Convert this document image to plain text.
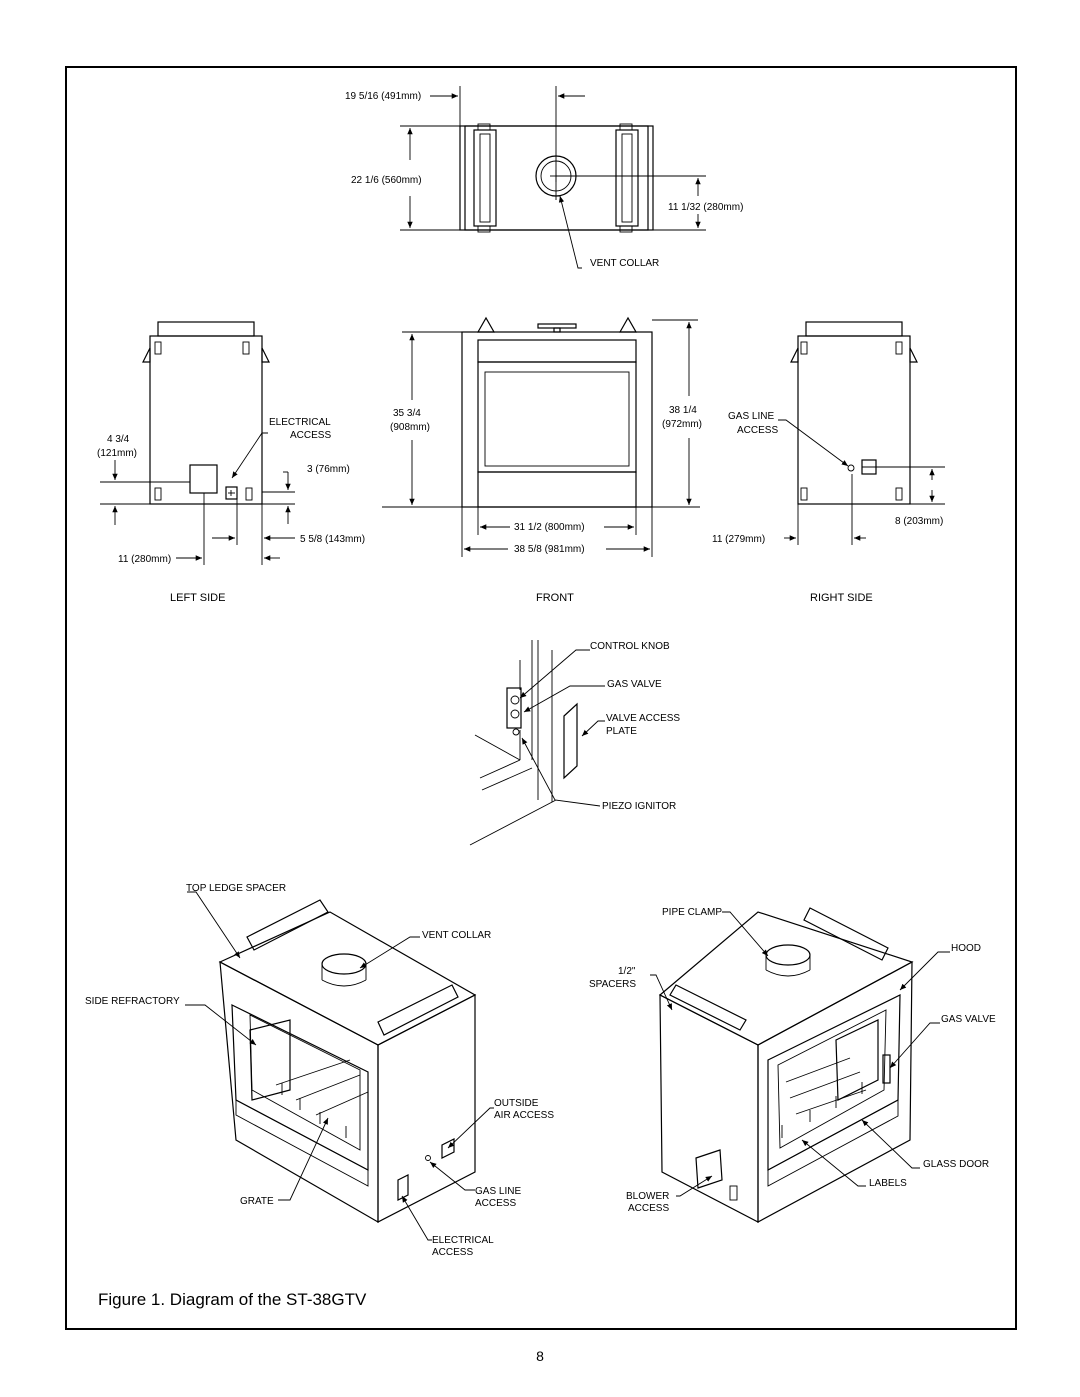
19 5/16 (491mm)
22 1/6 (560mm)
11 1/32 (280mm)
VENT COLLAR
ELECTRICAL
ACCESS
4 3/4
(121mm)
3 (76mm)
5 5/8 (143mm)
11 (280mm)
LEFT SIDE
35 3/4
(908mm)
38 1/4
(972mm)
31 1/2 (800mm)
38 5/8 (981mm)
FRONT
GAS LINE
ACCESS
11 (279mm)
8 (203mm)
RIGHT SIDE
CONTROL KNOB
GAS VALVE
VALVE ACCESS
PLATE
PIEZO IGNITOR
TOP LEDGE SPACER
VENT COLLAR
SIDE REFRACTORY
OUTSIDE
AIR ACCESS
GRATE
GAS LINE
ACCESS
ELECTRICAL
ACCESS
PIPE CLAMP
HOOD
1/2"
SPACERS
GAS VALVE
GLASS DOOR
BLOWER
ACCESS
LABELS
Figure 1. Diagram of the ST-38GTV
8
